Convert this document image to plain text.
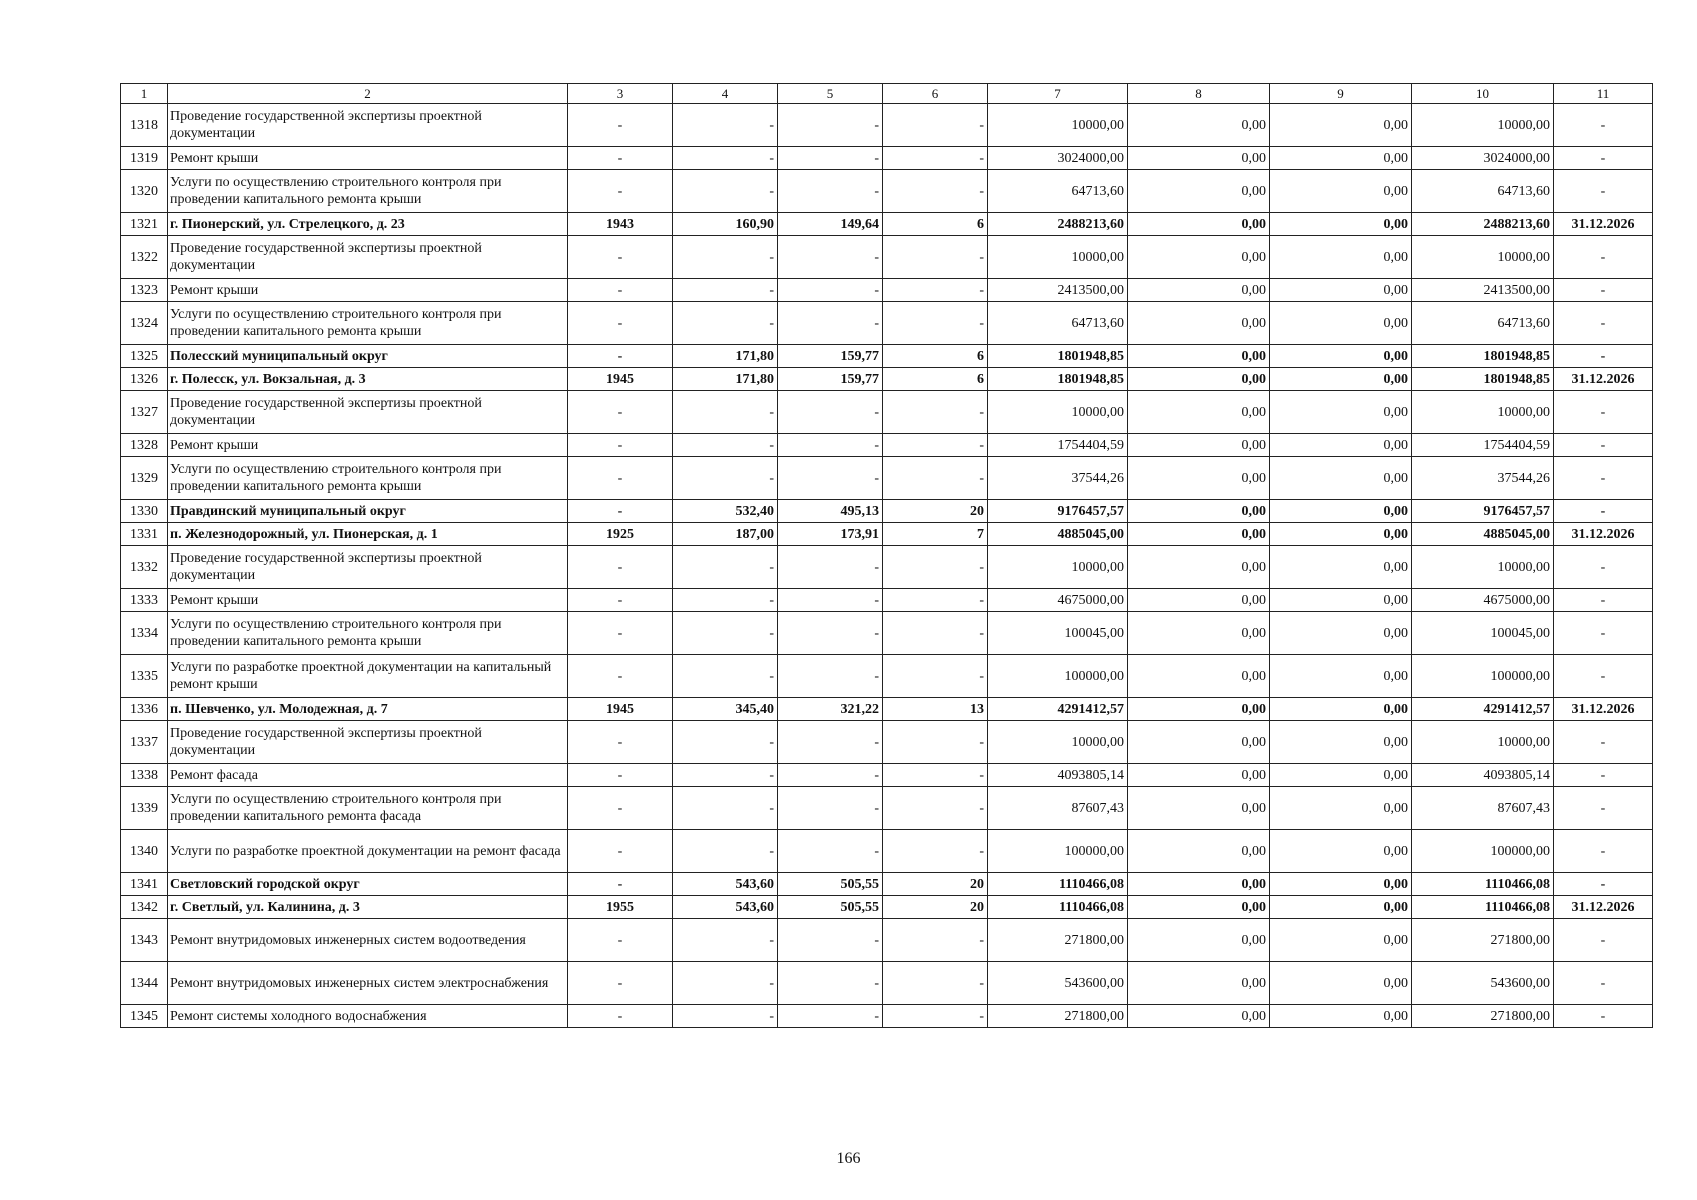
1	2	3	4	5	6	7	8	9	10	11
1318	Проведение государственной экспертизы проектной документации	-	-	-	-	10000,00	0,00	0,00	10000,00	-
1319	Ремонт крыши	-	-	-	-	3024000,00	0,00	0,00	3024000,00	-
1320	Услуги по осуществлению строительного контроля при проведении капитального ремонта крыши	-	-	-	-	64713,60	0,00	0,00	64713,60	-
1321	г. Пионерский, ул. Стрелецкого, д. 23	1943	160,90	149,64	6	2488213,60	0,00	0,00	2488213,60	31.12.2026
1322	Проведение государственной экспертизы проектной документации	-	-	-	-	10000,00	0,00	0,00	10000,00	-
1323	Ремонт крыши	-	-	-	-	2413500,00	0,00	0,00	2413500,00	-
1324	Услуги по осуществлению строительного контроля при проведении капитального ремонта крыши	-	-	-	-	64713,60	0,00	0,00	64713,60	-
1325	Полесский муниципальный округ	-	171,80	159,77	6	1801948,85	0,00	0,00	1801948,85	-
1326	г. Полесск, ул. Вокзальная, д. 3	1945	171,80	159,77	6	1801948,85	0,00	0,00	1801948,85	31.12.2026
1327	Проведение государственной экспертизы проектной документации	-	-	-	-	10000,00	0,00	0,00	10000,00	-
1328	Ремонт крыши	-	-	-	-	1754404,59	0,00	0,00	1754404,59	-
1329	Услуги по осуществлению строительного контроля при проведении капитального ремонта крыши	-	-	-	-	37544,26	0,00	0,00	37544,26	-
1330	Правдинский муниципальный округ	-	532,40	495,13	20	9176457,57	0,00	0,00	9176457,57	-
1331	п. Железнодорожный, ул. Пионерская, д. 1	1925	187,00	173,91	7	4885045,00	0,00	0,00	4885045,00	31.12.2026
1332	Проведение государственной экспертизы проектной документации	-	-	-	-	10000,00	0,00	0,00	10000,00	-
1333	Ремонт крыши	-	-	-	-	4675000,00	0,00	0,00	4675000,00	-
1334	Услуги по осуществлению строительного контроля при проведении капитального ремонта крыши	-	-	-	-	100045,00	0,00	0,00	100045,00	-
1335	Услуги по разработке проектной документации на капитальный ремонт крыши	-	-	-	-	100000,00	0,00	0,00	100000,00	-
1336	п. Шевченко, ул. Молодежная, д. 7	1945	345,40	321,22	13	4291412,57	0,00	0,00	4291412,57	31.12.2026
1337	Проведение государственной экспертизы проектной документации	-	-	-	-	10000,00	0,00	0,00	10000,00	-
1338	Ремонт фасада	-	-	-	-	4093805,14	0,00	0,00	4093805,14	-
1339	Услуги по осуществлению строительного контроля при проведении капитального ремонта фасада	-	-	-	-	87607,43	0,00	0,00	87607,43	-
1340	Услуги по разработке проектной документации на ремонт фасада	-	-	-	-	100000,00	0,00	0,00	100000,00	-
1341	Светловский городской округ	-	543,60	505,55	20	1110466,08	0,00	0,00	1110466,08	-
1342	г. Светлый, ул. Калинина, д. 3	1955	543,60	505,55	20	1110466,08	0,00	0,00	1110466,08	31.12.2026
1343	Ремонт внутридомовых инженерных систем водоотведения	-	-	-	-	271800,00	0,00	0,00	271800,00	-
1344	Ремонт внутридомовых инженерных систем электроснабжения	-	-	-	-	543600,00	0,00	0,00	543600,00	-
1345	Ремонт системы холодного водоснабжения	-	-	-	-	271800,00	0,00	0,00	271800,00	-
166
